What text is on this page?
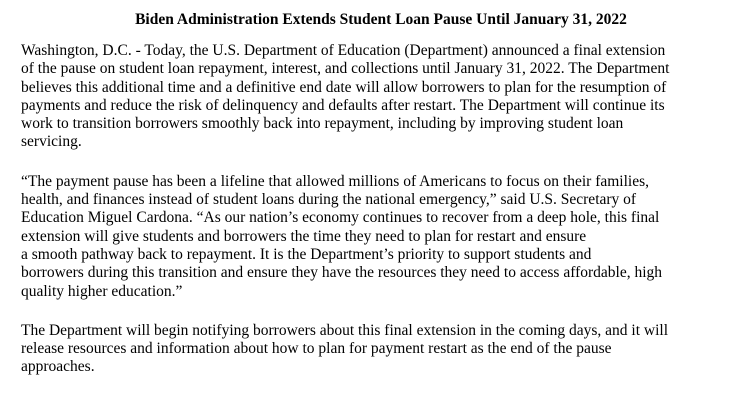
Biden Administration Extends Student Loan Pause Until January 31, 2022
Washington, D.C. - Today, the U.S. Department of Education (Department) announced a final extension
of the pause on student loan repayment, interest, and collections until January 31, 2022. The Department
believes this additional time and a definitive end date will allow borrowers to plan for the resumption of
payments and reduce the risk of delinquency and defaults after restart. The Department will continue its
work to transition borrowers smoothly back into repayment, including by improving student loan
servicing.
“The payment pause has been a lifeline that allowed millions of Americans to focus on their families,
health, and finances instead of student loans during the national emergency,” said U.S. Secretary of
Education Miguel Cardona. “As our nation’s economy continues to recover from a deep hole, this final
extension will give students and borrowers the time they need to plan for restart and ensure
a smooth pathway back to repayment. It is the Department’s priority to support students and
borrowers during this transition and ensure they have the resources they need to access affordable, high
quality higher education.”
The Department will begin notifying borrowers about this final extension in the coming days, and it will
release resources and information about how to plan for payment restart as the end of the pause
approaches.
